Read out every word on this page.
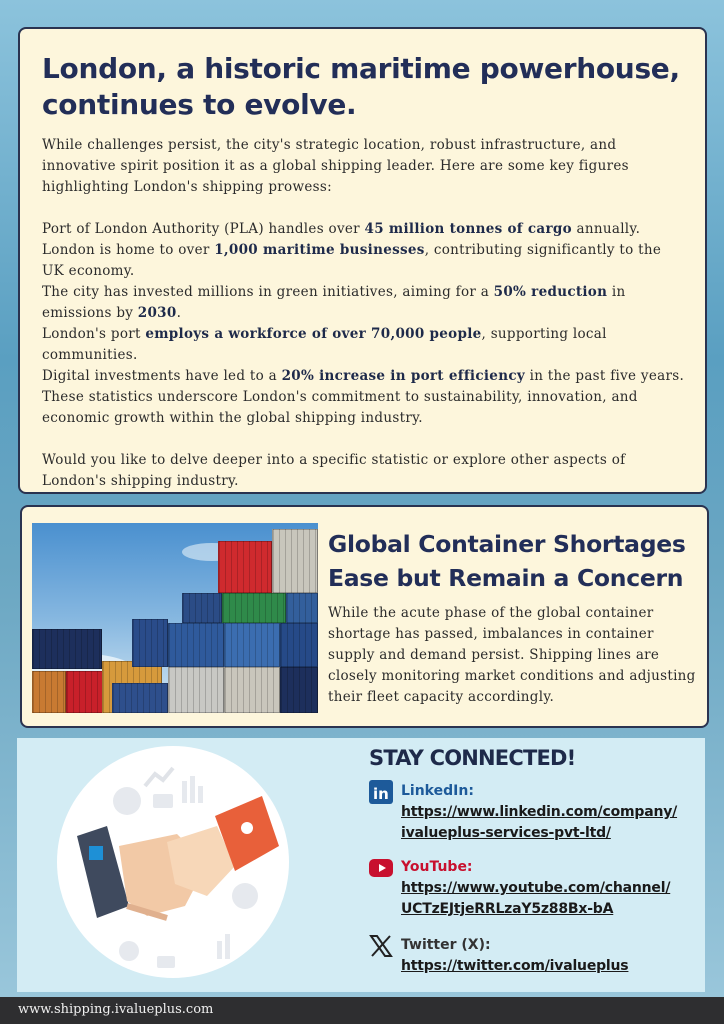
London, a historic maritime powerhouse, continues to evolve.

While challenges persist, the city's strategic location, robust infrastructure, and innovative spirit position it as a global shipping leader. Here are some key figures highlighting London's shipping prowess:

Port of London Authority (PLA) handles over 45 million tonnes of cargo annually.

London is home to over 1,000 maritime businesses, contributing significantly to the UK economy.

The city has invested millions in green initiatives, aiming for a 50% reduction in emissions by 2030.

London's port employs a workforce of over 70,000 people, supporting local communities.

Digital investments have led to a 20% increase in port efficiency in the past five years.

These statistics underscore London's commitment to sustainability, innovation, and economic growth within the global shipping industry.

Would you like to delve deeper into a specific statistic or explore other aspects of London's shipping industry.

Global Container Shortages Ease but Remain a Concern
While the acute phase of the global container shortage has passed, imbalances in container supply and demand persist. Shipping lines are closely monitoring market conditions and adjusting their fleet capacity accordingly.
STAY CONNECTED!
in LinkedIn:
https://www.linkedin.com/company/
ivalueplus-services-pvt-ltd/
YouTube:
https://www.youtube.com/channel/
UCTzEJtjeRRLzaY5z88Bx-bA
Twitter (X):
https://twitter.com/ivalueplus
www.shipping.ivalueplus.com
